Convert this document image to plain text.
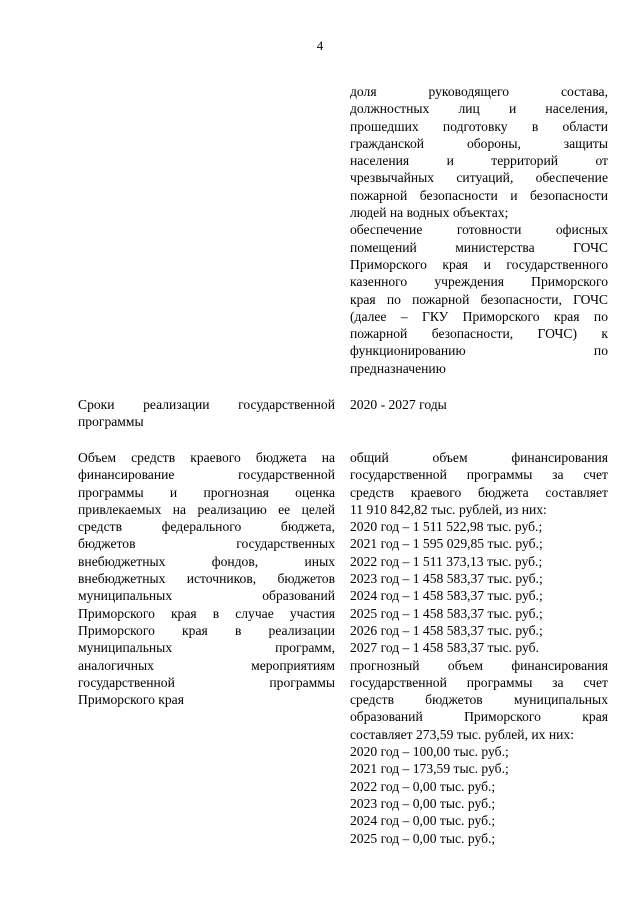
4
доля руководящего состава,
должностных лиц и населения,
прошедших подготовку в области
гражданской обороны, защиты
населения и территорий от
чрезвычайных ситуаций, обеспечение
пожарной безопасности и безопасности
людей на водных объектах;
обеспечение готовности офисных
помещений министерства ГОЧС
Приморского края и государственного
казенного учреждения Приморского
края по пожарной безопасности, ГОЧС
(далее – ГКУ Приморского края по
пожарной безопасности, ГОЧС) к
функционированию по
предназначению
Сроки реализации государственной
программы
2020 - 2027 годы
Объем средств краевого бюджета на
финансирование государственной
программы и прогнозная оценка
привлекаемых на реализацию ее целей
средств федерального бюджета,
бюджетов государственных
внебюджетных фондов, иных
внебюджетных источников, бюджетов
муниципальных образований
Приморского края в случае участия
Приморского края в реализации
муниципальных программ,
аналогичных мероприятиям
государственной программы
Приморского края
общий объем финансирования
государственной программы за счет
средств краевого бюджета составляет
11 910 842,82 тыс. рублей, из них:
2020 год – 1 511 522,98 тыс. руб.;
2021 год – 1 595 029,85 тыс. руб.;
2022 год – 1 511 373,13 тыс. руб.;
2023 год – 1 458 583,37 тыс. руб.;
2024 год – 1 458 583,37 тыс. руб.;
2025 год – 1 458 583,37 тыс. руб.;
2026 год – 1 458 583,37 тыс. руб.;
2027 год – 1 458 583,37 тыс. руб.
прогнозный объем финансирования
государственной программы за счет
средств бюджетов муниципальных
образований Приморского края
составляет 273,59 тыс. рублей, их них:
2020 год – 100,00 тыс. руб.;
2021 год – 173,59 тыс. руб.;
2022 год – 0,00 тыс. руб.;
2023 год – 0,00 тыс. руб.;
2024 год – 0,00 тыс. руб.;
2025 год – 0,00 тыс. руб.;
